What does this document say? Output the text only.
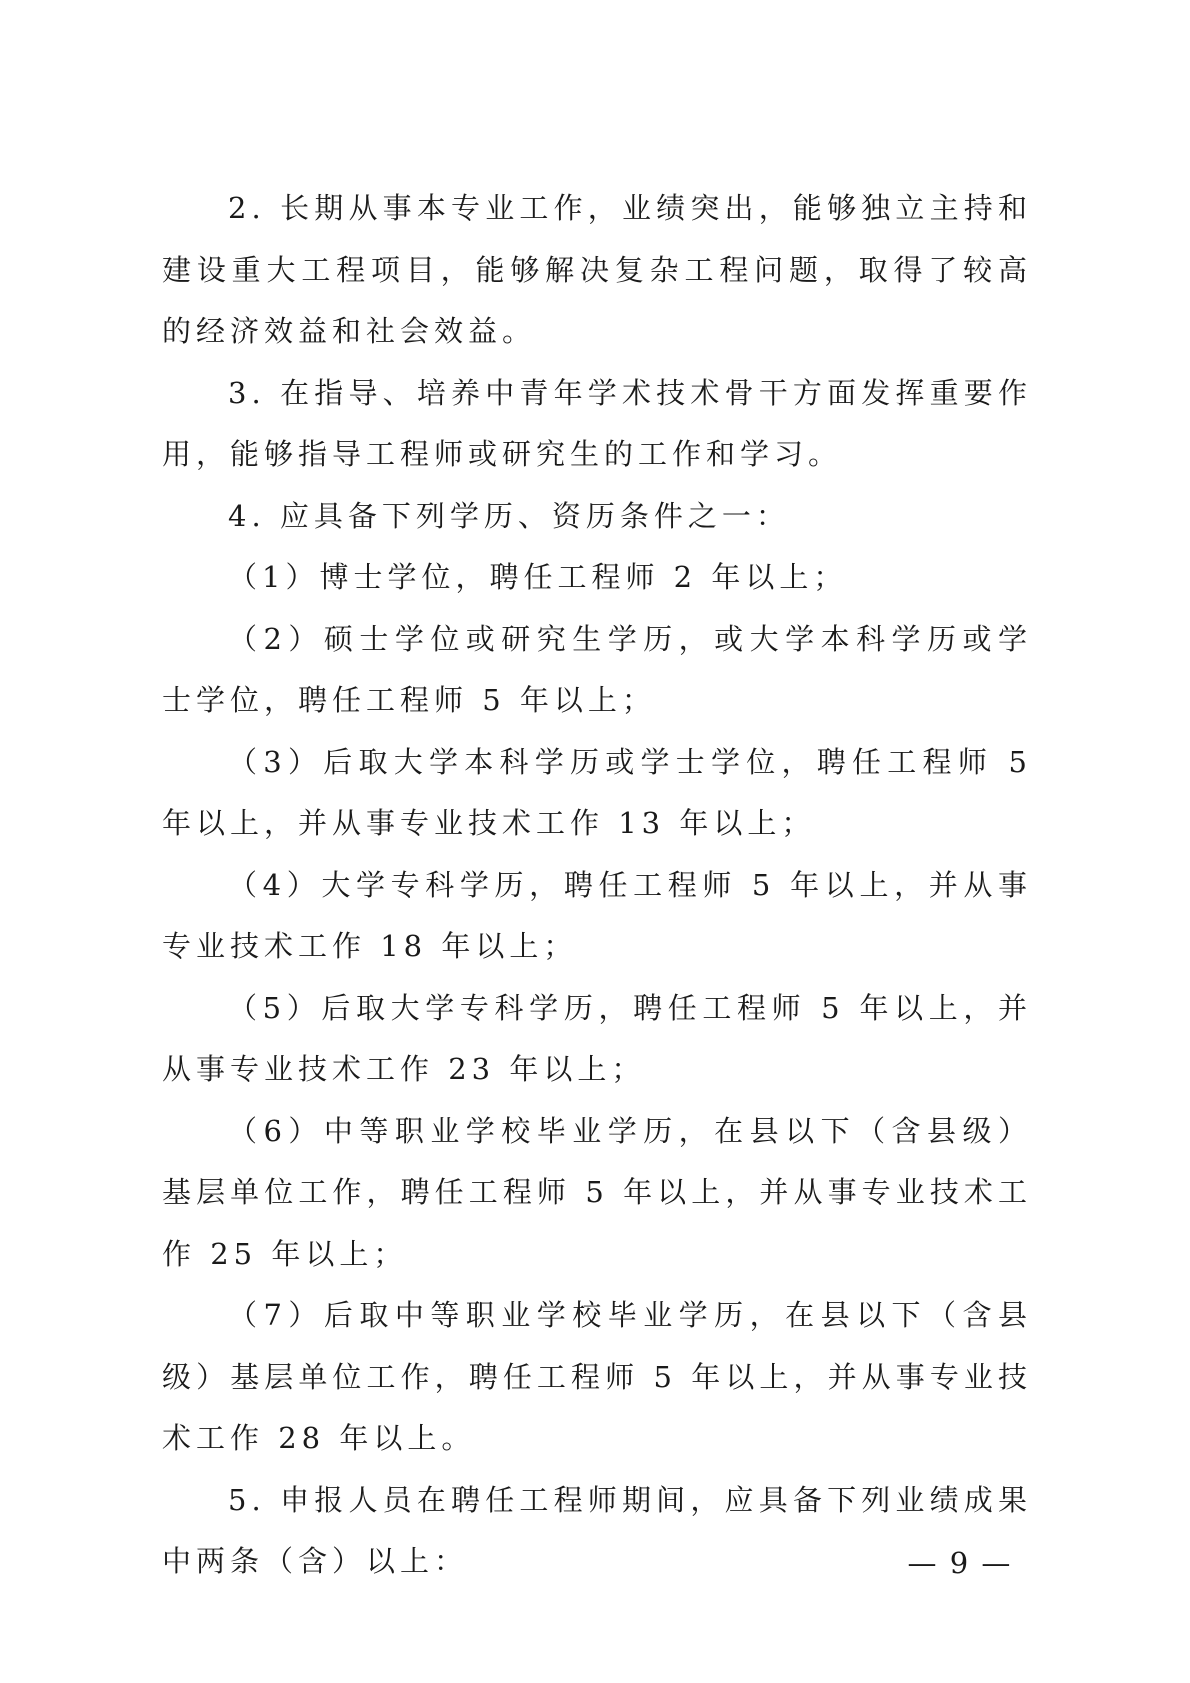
2. 长期从事本专业工作，业绩突出，能够独立主持和建设重大工程项目，能够解决复杂工程问题，取得了较高的经济效益和社会效益。

3. 在指导、培养中青年学术技术骨干方面发挥重要作用，能够指导工程师或研究生的工作和学习。

4. 应具备下列学历、资历条件之一：

（1）博士学位，聘任工程师 2 年以上；

（2）硕士学位或研究生学历，或大学本科学历或学士学位，聘任工程师 5 年以上；

（3）后取大学本科学历或学士学位，聘任工程师 5 年以上，并从事专业技术工作 13 年以上；

（4）大学专科学历，聘任工程师 5 年以上，并从事专业技术工作 18 年以上；

（5）后取大学专科学历，聘任工程师 5 年以上，并从事专业技术工作 23 年以上；

（6）中等职业学校毕业学历，在县以下（含县级）基层单位工作，聘任工程师 5 年以上，并从事专业技术工作 25 年以上；

（7）后取中等职业学校毕业学历，在县以下（含县级）基层单位工作，聘任工程师 5 年以上，并从事专业技术工作 28 年以上。

5. 申报人员在聘任工程师期间，应具备下列业绩成果中两条（含）以上：	— 9 —
